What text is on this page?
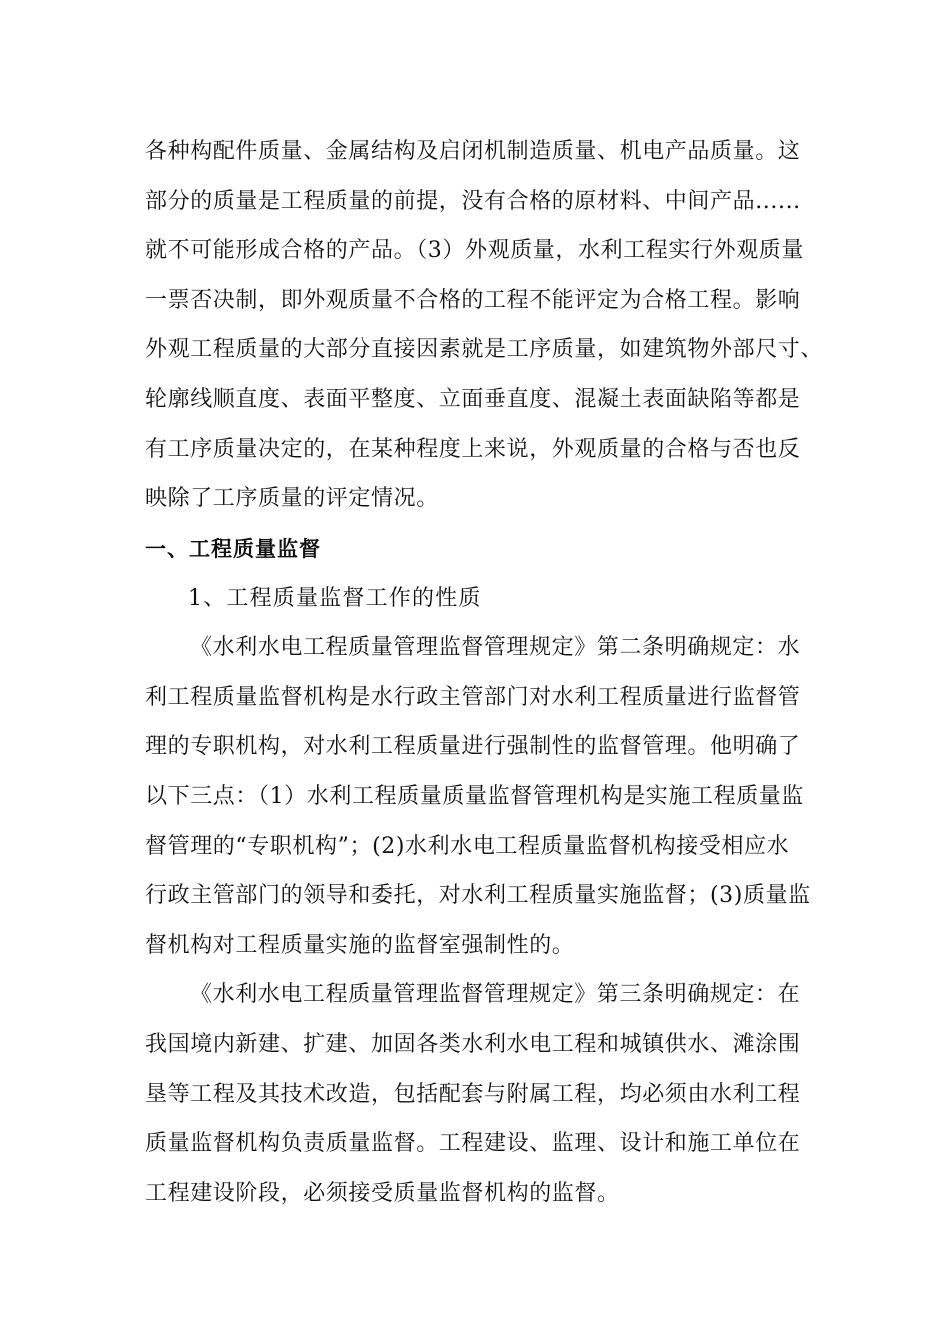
各种构配件质量、金属结构及启闭机制造质量、机电产品质量。这
部分的质量是工程质量的前提，没有合格的原材料、中间产品......
就不可能形成合格的产品。（3）外观质量，水利工程实行外观质量
一票否决制，即外观质量不合格的工程不能评定为合格工程。影响
外观工程质量的大部分直接因素就是工序质量，如建筑物外部尺寸、
轮廓线顺直度、表面平整度、立面垂直度、混凝土表面缺陷等都是
有工序质量决定的，在某种程度上来说，外观质量的合格与否也反
映除了工序质量的评定情况。
一、工程质量监督
1、工程质量监督工作的性质
《水利水电工程质量管理监督管理规定》第二条明确规定：水
利工程质量监督机构是水行政主管部门对水利工程质量进行监督管
理的专职机构，对水利工程质量进行强制性的监督管理。他明确了
以下三点：（1）水利工程质量质量监督管理机构是实施工程质量监
督管理的“专职机构”；(2)水利水电工程质量监督机构接受相应水
行政主管部门的领导和委托，对水利工程质量实施监督；(3)质量监
督机构对工程质量实施的监督室强制性的。
《水利水电工程质量管理监督管理规定》第三条明确规定：在
我国境内新建、扩建、加固各类水利水电工程和城镇供水、滩涂围
垦等工程及其技术改造，包括配套与附属工程，均必须由水利工程
质量监督机构负责质量监督。工程建设、监理、设计和施工单位在
工程建设阶段，必须接受质量监督机构的监督。
